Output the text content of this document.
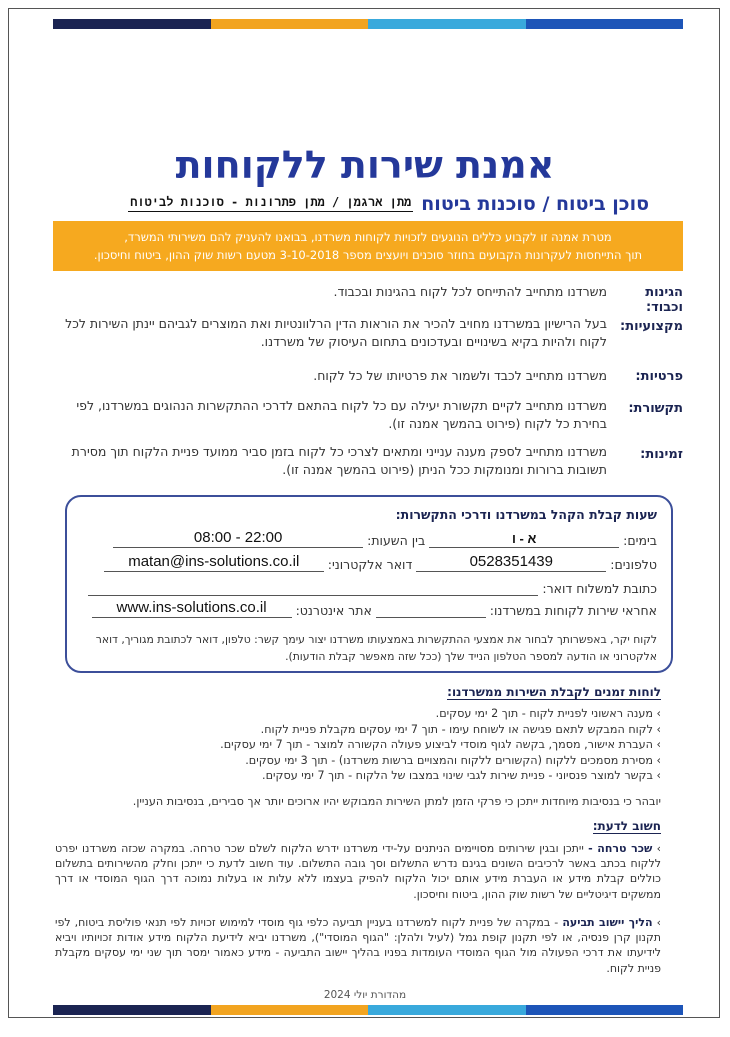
אמנת שירות ללקוחות
סוכן ביטוח / סוכנות ביטוח
מתן ארגמן / מתן פתרונות - סוכנות לביטוח
מטרת אמנה זו לקבוע כללים הנוגעים לזכויות לקוחות משרדנו, בבואנו להעניק להם משירותי המשרד,
תוך התייחסות לעקרונות הקבועים בחוזר סוכנים ויועצים מספר 3-10-2018 מטעם רשות שוק ההון, ביטוח וחיסכון.
הגינות וכבוד:
משרדנו מתחייב להתייחס לכל לקוח בהגינות ובכבוד.
מקצועיות:
בעל הרישיון במשרדנו מחויב להכיר את הוראות הדין הרלוונטיות ואת המוצרים לגביהם יינתן השירות לכל לקוח ולהיות בקיא בשינויים ובעדכונים בתחום העיסוק של משרדנו.
פרטיות:
משרדנו מתחייב לכבד ולשמור את פרטיותו של כל לקוח.
תקשורת:
משרדנו מתחייב לקיים תקשורת יעילה עם כל לקוח בהתאם לדרכי ההתקשרות הנהוגים במשרדנו, לפי בחירת כל לקוח (פירוט בהמשך אמנה זו).
זמינות:
משרדנו מתחייב לספק מענה ענייני ומתאים לצרכי כל לקוח בזמן סביר ממועד פניית הלקוח תוך מסירת תשובות ברורות ומנומקות ככל הניתן (פירוט בהמשך אמנה זו).
שעות קבלת הקהל במשרדנו ודרכי התקשרות:
בימים:
א - ו
בין השעות:
08:00 - 22:00
טלפונים:
0528351439
דואר אלקטרוני:
matan@ins-solutions.co.il
כתובת למשלוח דואר:
אחראי שירות לקוחות במשרדנו:  אתר אינטרנט:
www.ins-solutions.co.il
לקוח יקר, באפשרותך לבחור את אמצעי ההתקשרות באמצעותו משרדנו יצור עימך קשר: טלפון, דואר לכתובת מגוריך, דואר
אלקטרוני או הודעה למספר הטלפון הנייד שלך (ככל שזה מאפשר קבלת הודעות).
לוחות זמנים לקבלת השירות ממשרדנו:
› מענה ראשוני לפניית לקוח - תוך 2 ימי עסקים.
› לקוח המבקש לתאם פגישה או לשוחח עימו - תוך 7 ימי עסקים מקבלת פניית לקוח.
› העברת אישור, מסמך, בקשה לגוף מוסדי לביצוע פעולה הקשורה למוצר - תוך 7 ימי עסקים.
› מסירת מסמכים ללקוח (הקשורים ללקוח והמצויים ברשות משרדנו) - תוך 3 ימי עסקים.
› בקשר למוצר פנסיוני - פניית שירות לגבי שינוי במצבו של הלקוח - תוך 7 ימי עסקים.
יובהר כי בנסיבות מיוחדות ייתכן כי פרקי הזמן למתן השירות המבוקש יהיו ארוכים יותר אך סבירים, בנסיבות העניין.
חשוב לדעת:
› שכר טרחה - ייתכן ובגין שירותים מסויימים הניתנים על-ידי משרדנו ידרש הלקוח לשלם שכר טרחה. במקרה שכזה משרדנו יפרט ללקוח בכתב באשר לרכיבים השונים בגינם נדרש התשלום וסך גובה התשלום. עוד חשוב לדעת כי ייתכן וחלק מהשירותים בתשלום כוללים קבלת מידע או העברת מידע אותם יכול הלקוח להפיק בעצמו ללא עלות או בעלות נמוכה דרך הגוף המוסדי או דרך ממשקים דיגיטליים של רשות שוק ההון, ביטוח וחיסכון.
› הליך יישוב תביעה - במקרה של פניית לקוח למשרדנו בעניין תביעה כלפי גוף מוסדי למימוש זכויות לפי תנאי פוליסת ביטוח, לפי תקנון קרן פנסיה, או לפי תקנון קופת גמל (לעיל ולהלן: "הגוף המוסדי"), משרדנו יביא לידיעת הלקוח מידע אודות זכויותיו ויביא לידיעתו את דרכי הפעולה מול הגוף המוסדי העומדות בפניו בהליך יישוב התביעה - מידע כאמור ימסר תוך שני ימי עסקים מקבלת פניית לקוח.
מהדורת יולי 2024
